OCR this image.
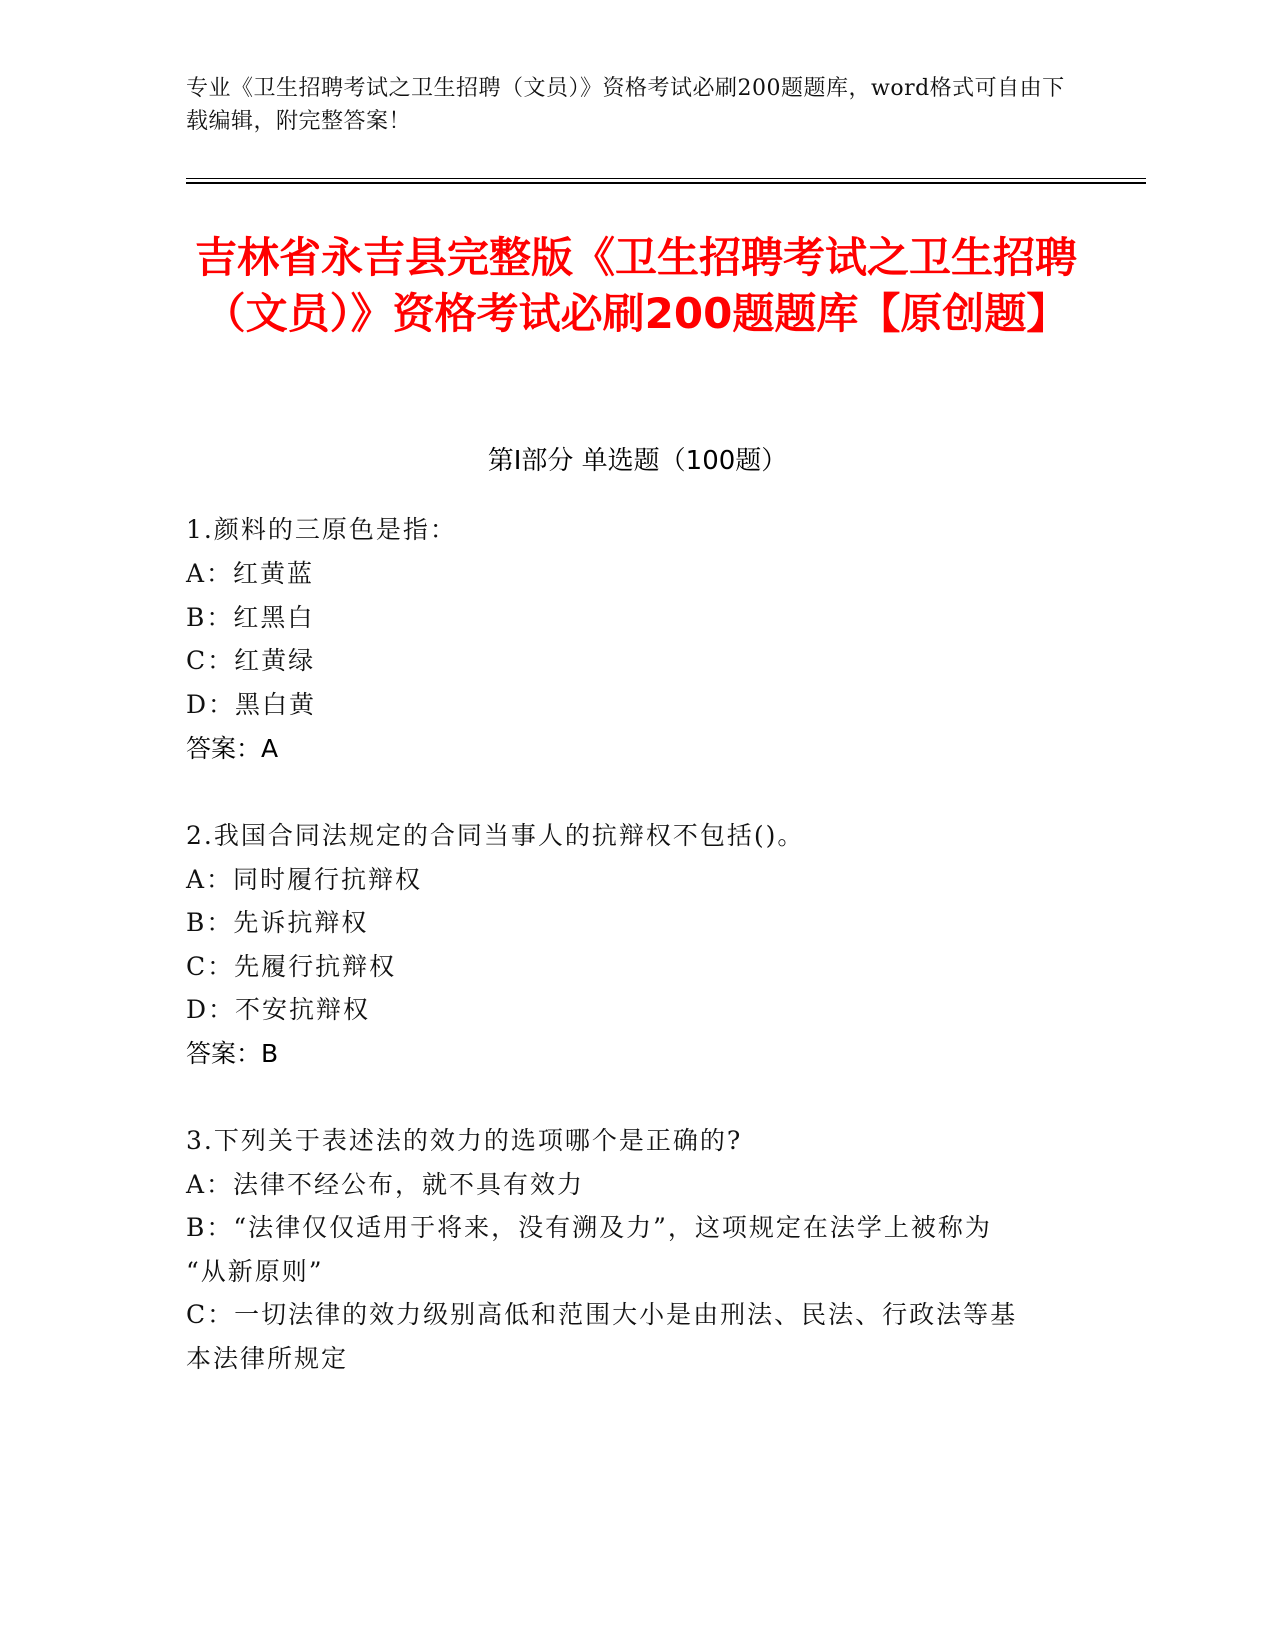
专业《卫生招聘考试之卫生招聘（文员）》资格考试必刷200题题库，word格式可自由下载编辑，附完整答案！
吉林省永吉县完整版《卫生招聘考试之卫生招聘（文员）》资格考试必刷200题题库【原创题】
第Ⅰ部分 单选题（100题）
1.颜料的三原色是指：
A：红黄蓝
B：红黑白
C：红黄绿
D：黑白黄
答案：A
2.我国合同法规定的合同当事人的抗辩权不包括()。
A：同时履行抗辩权
B：先诉抗辩权
C：先履行抗辩权
D：不安抗辩权
答案：B
3.下列关于表述法的效力的选项哪个是正确的?
A：法律不经公布，就不具有效力
B：“法律仅仅适用于将来，没有溯及力”，这项规定在法学上被称为
“从新原则”
C：一切法律的效力级别高低和范围大小是由刑法、民法、行政法等基
本法律所规定
